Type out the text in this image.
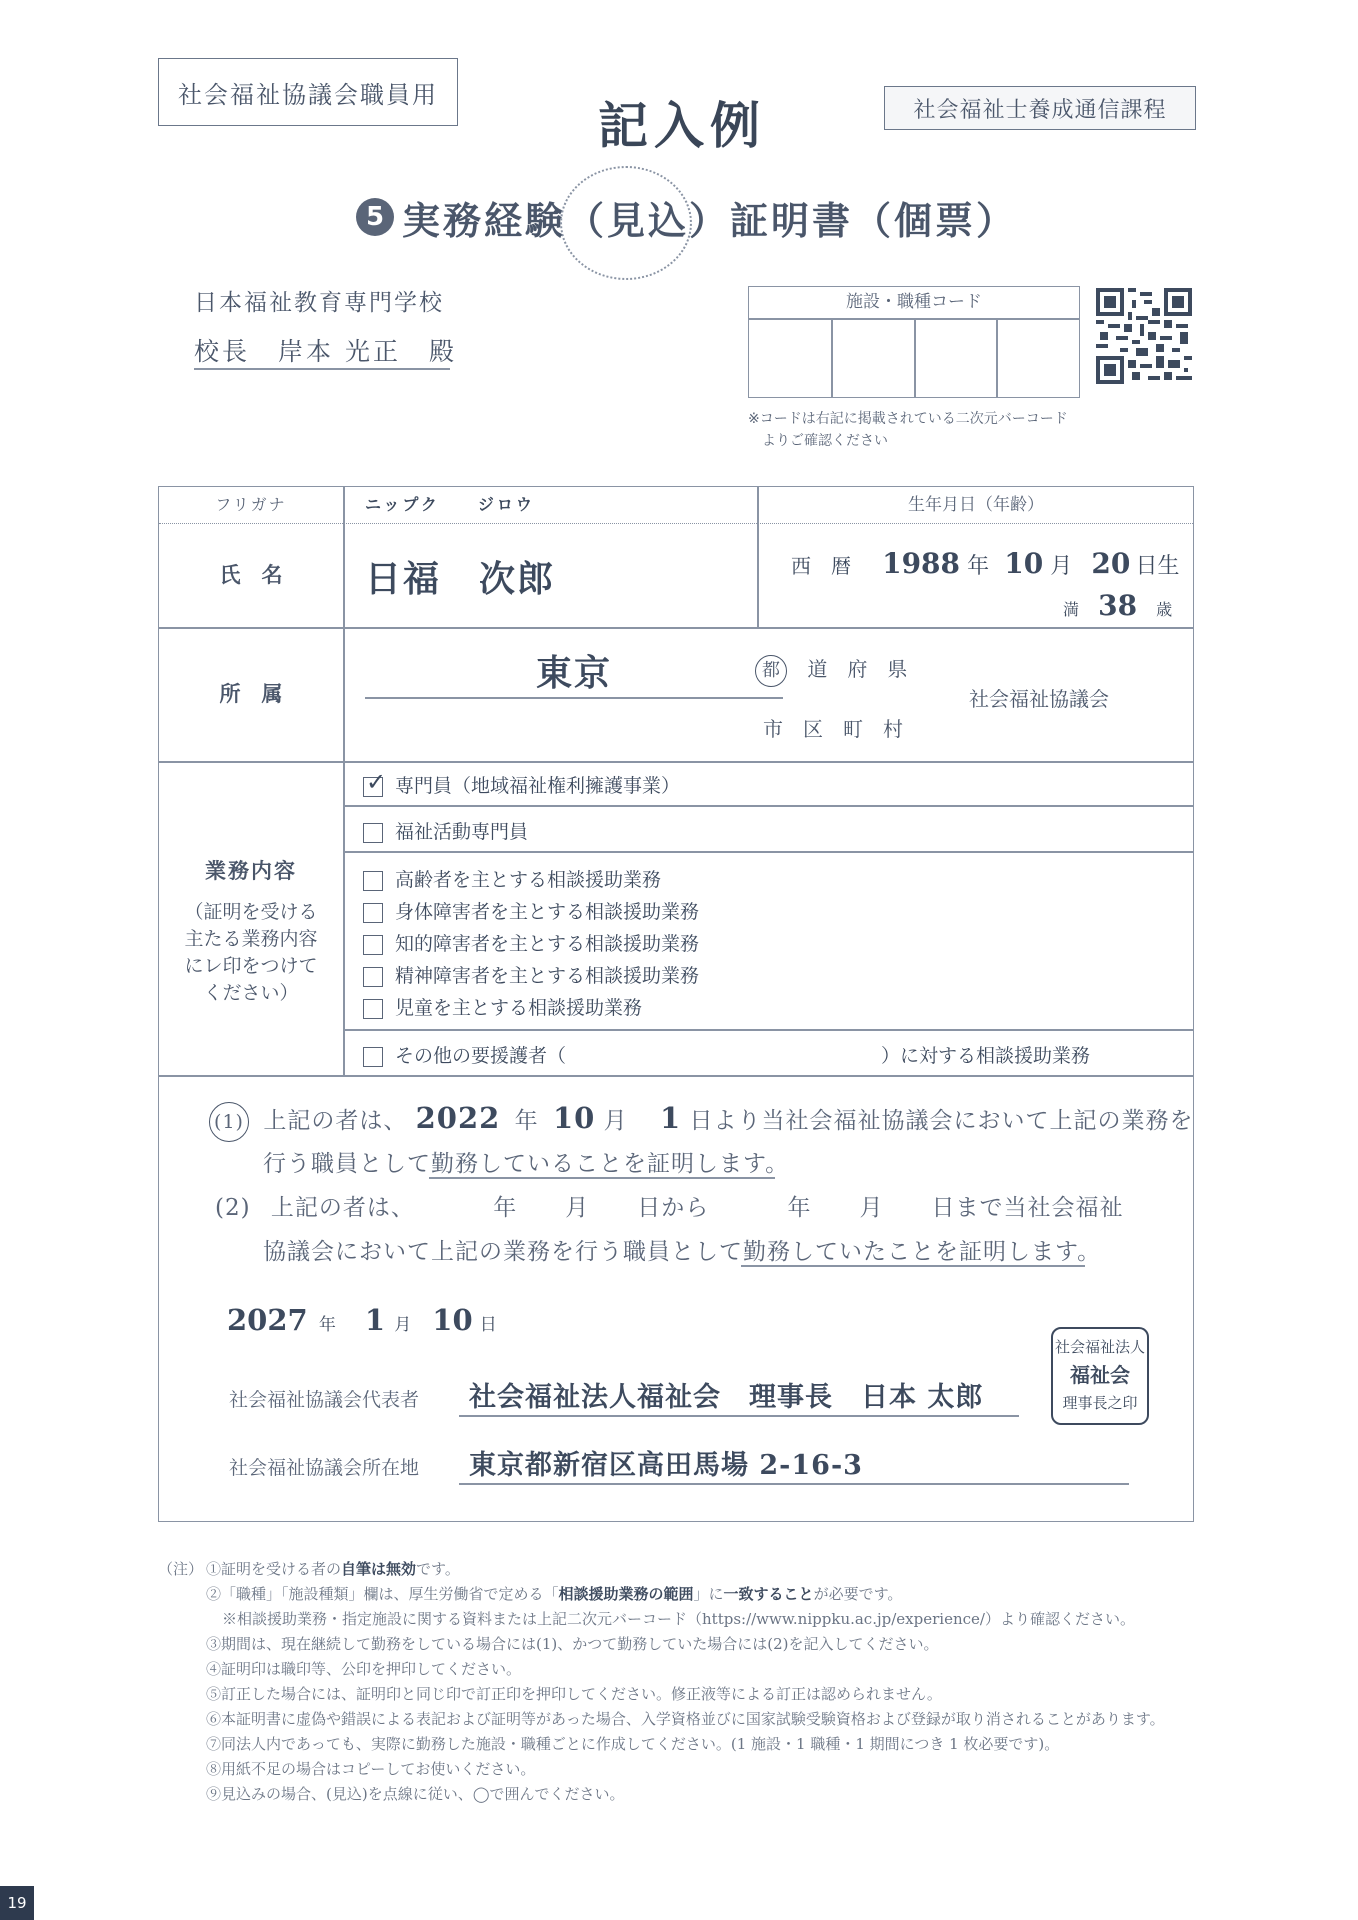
社会福祉協議会職員用
記入例	社会福祉士養成通信課程
5 実務経験 （見込） 証明書（個票）
日本福祉教育専門学校
校長　岸本 光正　殿
施設・職種コード
※コードは右記に掲載されている二次元バーコード
よりご確認ください
フリガナ	ニップク　　ジロウ	生年月日（年齢）
氏　名	日福　次郎	西　暦 1988 年 10 月 20 日生
満 38 歳
所　属	東京	都 道　府　県
市　区　町　村
社会福祉協議会
業務内容
（証明を受ける
主たる業務内容
にレ印をつけて
ください）
✓ 専門員（地域福祉権利擁護事業）
福祉活動専門員
高齢者を主とする相談援助業務
身体障害者を主とする相談援助業務
知的障害者を主とする相談援助業務
精神障害者を主とする相談援助業務
児童を主とする相談援助業務
その他の要援護者（	）に対する相談援助業務
(1) 上記の者は、 2022 年 10 月 1 日より当社会福祉協議会において上記の業務を
行う職員として勤務していることを証明します。
(2) 上記の者は、	年　　月　　日から	年　　月　　日まで当社会福祉
協議会において上記の業務を行う職員として勤務していたことを証明します。
2027 年 1 月 10 日
社会福祉協議会代表者 社会福祉法人福祉会　理事長　日本 太郎
社会福祉法人
福祉会
理事長之印
社会福祉協議会所在地 東京都新宿区高田馬場 2-16-3
（注） ①証明を受ける者の自筆は無効です。
②「職種」「施設種類」欄は、厚生労働省で定める「相談援助業務の範囲」に一致することが必要です。
※相談援助業務・指定施設に関する資料または上記二次元バーコード（https://www.nippku.ac.jp/experience/）より確認ください。
③期間は、現在継続して勤務をしている場合には(1)、かつて勤務していた場合には(2)を記入してください。
④証明印は職印等、公印を押印してください。
⑤訂正した場合には、証明印と同じ印で訂正印を押印してください。修正液等による訂正は認められません。
⑥本証明書に虚偽や錯誤による表記および証明等があった場合、入学資格並びに国家試験受験資格および登録が取り消されることがあります。
⑦同法人内であっても、実際に勤務した施設・職種ごとに作成してください。(1 施設・1 職種・1 期間につき 1 枚必要です)。
⑧用紙不足の場合はコピーしてお使いください。
⑨見込みの場合、(見込)を点線に従い、◯で囲んでください。
19
